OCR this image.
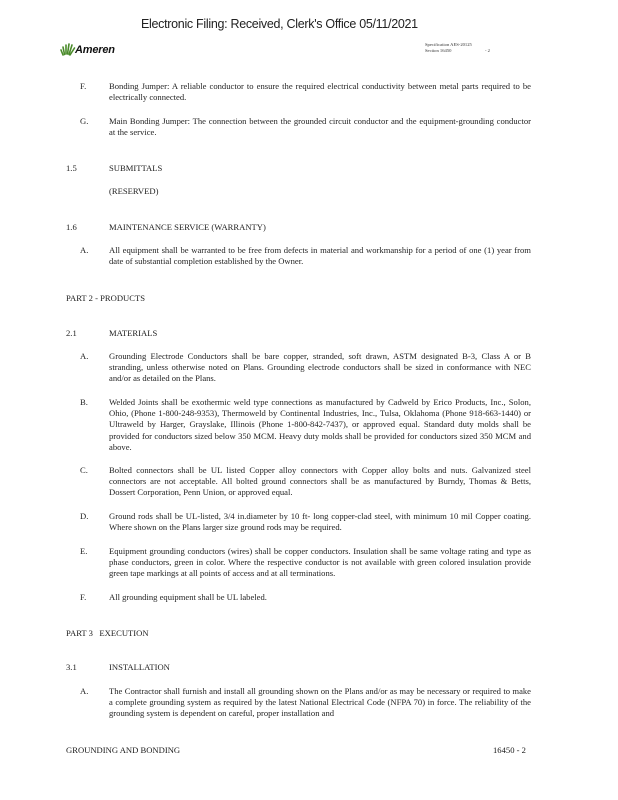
Electronic Filing: Received, Clerk's Office 05/11/2021
Ameren	Specification AES-20125
Section 16450	- 2
F.	Bonding Jumper: A reliable conductor to ensure the required electrical conductivity between metal parts required to be electrically connected.
G. Main Bonding Jumper: The connection between the grounded circuit conductor and the equipment-grounding conductor at the service.
1.5	SUBMITTALS
(RESERVED)
1.6	MAINTENANCE SERVICE (WARRANTY)
A. All equipment shall be warranted to be free from defects in material and workmanship for a period of one (1) year from date of substantial completion established by the Owner.
PART 2 - PRODUCTS
2.1	MATERIALS
A. Grounding Electrode Conductors shall be bare copper, stranded, soft drawn, ASTM designated B-3, Class A or B stranding, unless otherwise noted on Plans. Grounding electrode conductors shall be sized in conformance with NEC and/or as detailed on the Plans.
B. Welded Joints shall be exothermic weld type connections as manufactured by Cadweld by Erico Products, Inc., Solon, Ohio, (Phone 1-800-248-9353), Thermoweld by Continental Industries, Inc., Tulsa, Oklahoma (Phone 918-663-1440) or Ultraweld by Harger, Grayslake, Illinois (Phone 1-800-842-7437), or approved equal. Standard duty molds shall be provided for conductors sized below 350 MCM. Heavy duty molds shall be provided for conductors sized 350 MCM and above.
C. Bolted connectors shall be UL listed Copper alloy connectors with Copper alloy bolts and nuts. Galvanized steel connectors are not acceptable. All bolted ground connectors shall be as manufactured by Burndy, Thomas & Betts, Dossert Corporation, Penn Union, or approved equal.
D. Ground rods shall be UL-listed, 3/4 in.diameter by 10 ft- long copper-clad steel, with minimum 10 mil Copper coating. Where shown on the Plans larger size ground rods may be required.
E.	Equipment grounding conductors (wires) shall be copper conductors. Insulation shall be same voltage rating and type as phase conductors, green in color. Where the respective conductor is not available with green colored insulation provide green tape markings at all points of access and at all terminations.
F.	All grounding equipment shall be UL labeled.
PART 3   EXECUTION
3.1	INSTALLATION
A. The Contractor shall furnish and install all grounding shown on the Plans and/or as may be necessary or required to make a complete grounding system as required by the latest National Electrical Code (NFPA 70) in force. The reliability of the grounding system is dependent on careful, proper installation and
GROUNDING AND BONDING	16450 - 2
